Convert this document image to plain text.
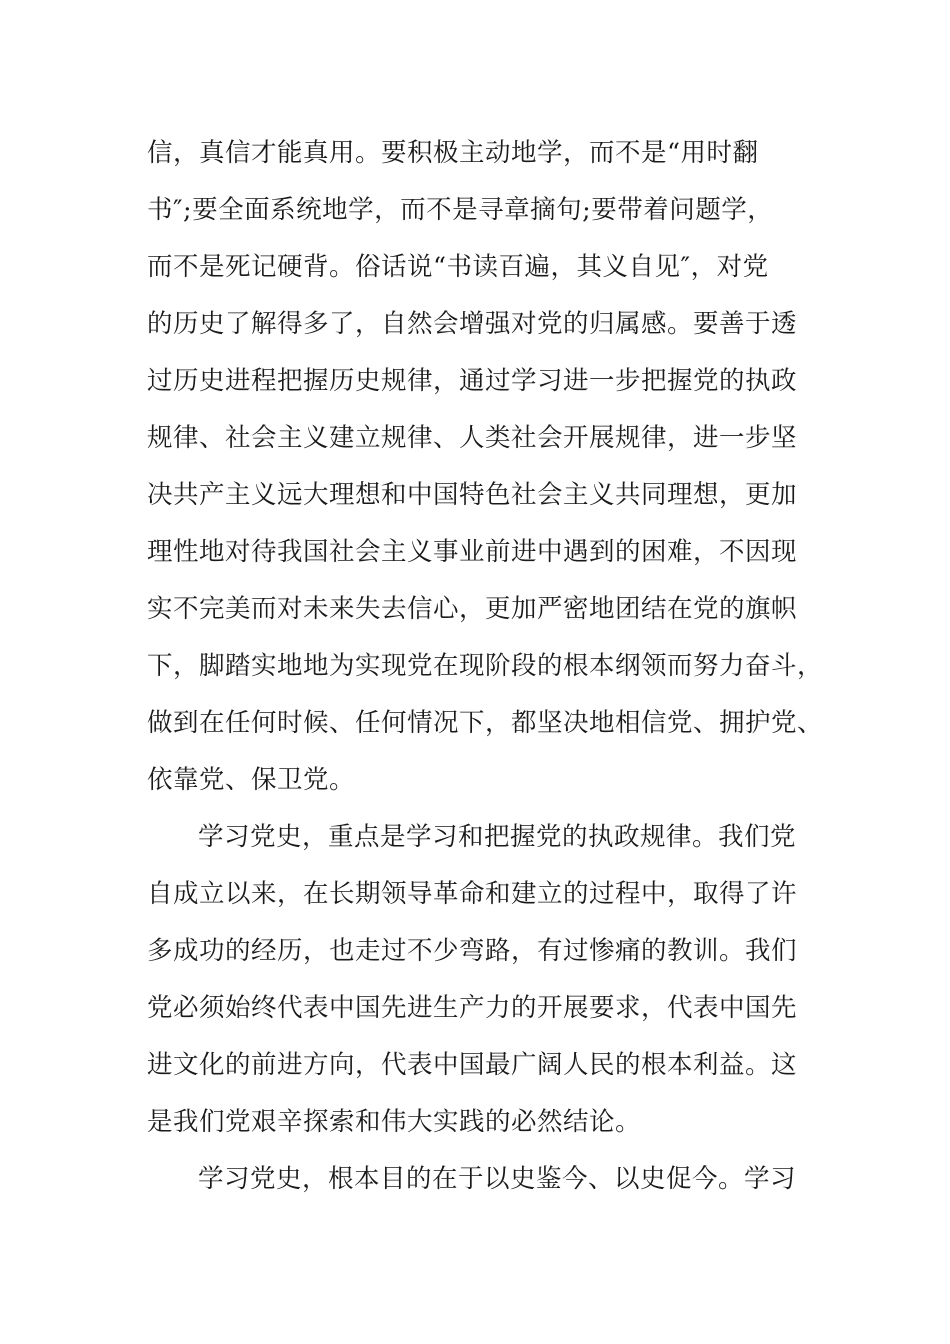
信，真信才能真用。要积极主动地学，而不是“用时翻
书″;要全面系统地学，而不是寻章摘句;要带着问题学，
而不是死记硬背。俗话说“书读百遍，其义自见″，对党
的历史了解得多了，自然会增强对党的归属感。要善于透
过历史进程把握历史规律，通过学习进一步把握党的执政
规律、社会主义建立规律、人类社会开展规律，进一步坚
决共产主义远大理想和中国特色社会主义共同理想，更加
理性地对待我国社会主义事业前进中遇到的困难，不因现
实不完美而对未来失去信心，更加严密地团结在党的旗帜
下，脚踏实地地为实现党在现阶段的根本纲领而努力奋斗，
做到在任何时候、任何情况下，都坚决地相信党、拥护党、
依靠党、保卫党。
学习党史，重点是学习和把握党的执政规律。我们党
自成立以来，在长期领导革命和建立的过程中，取得了许
多成功的经历，也走过不少弯路，有过惨痛的教训。我们
党必须始终代表中国先进生产力的开展要求，代表中国先
进文化的前进方向，代表中国最广阔人民的根本利益。这
是我们党艰辛探索和伟大实践的必然结论。
学习党史，根本目的在于以史鉴今、以史促今。学习
